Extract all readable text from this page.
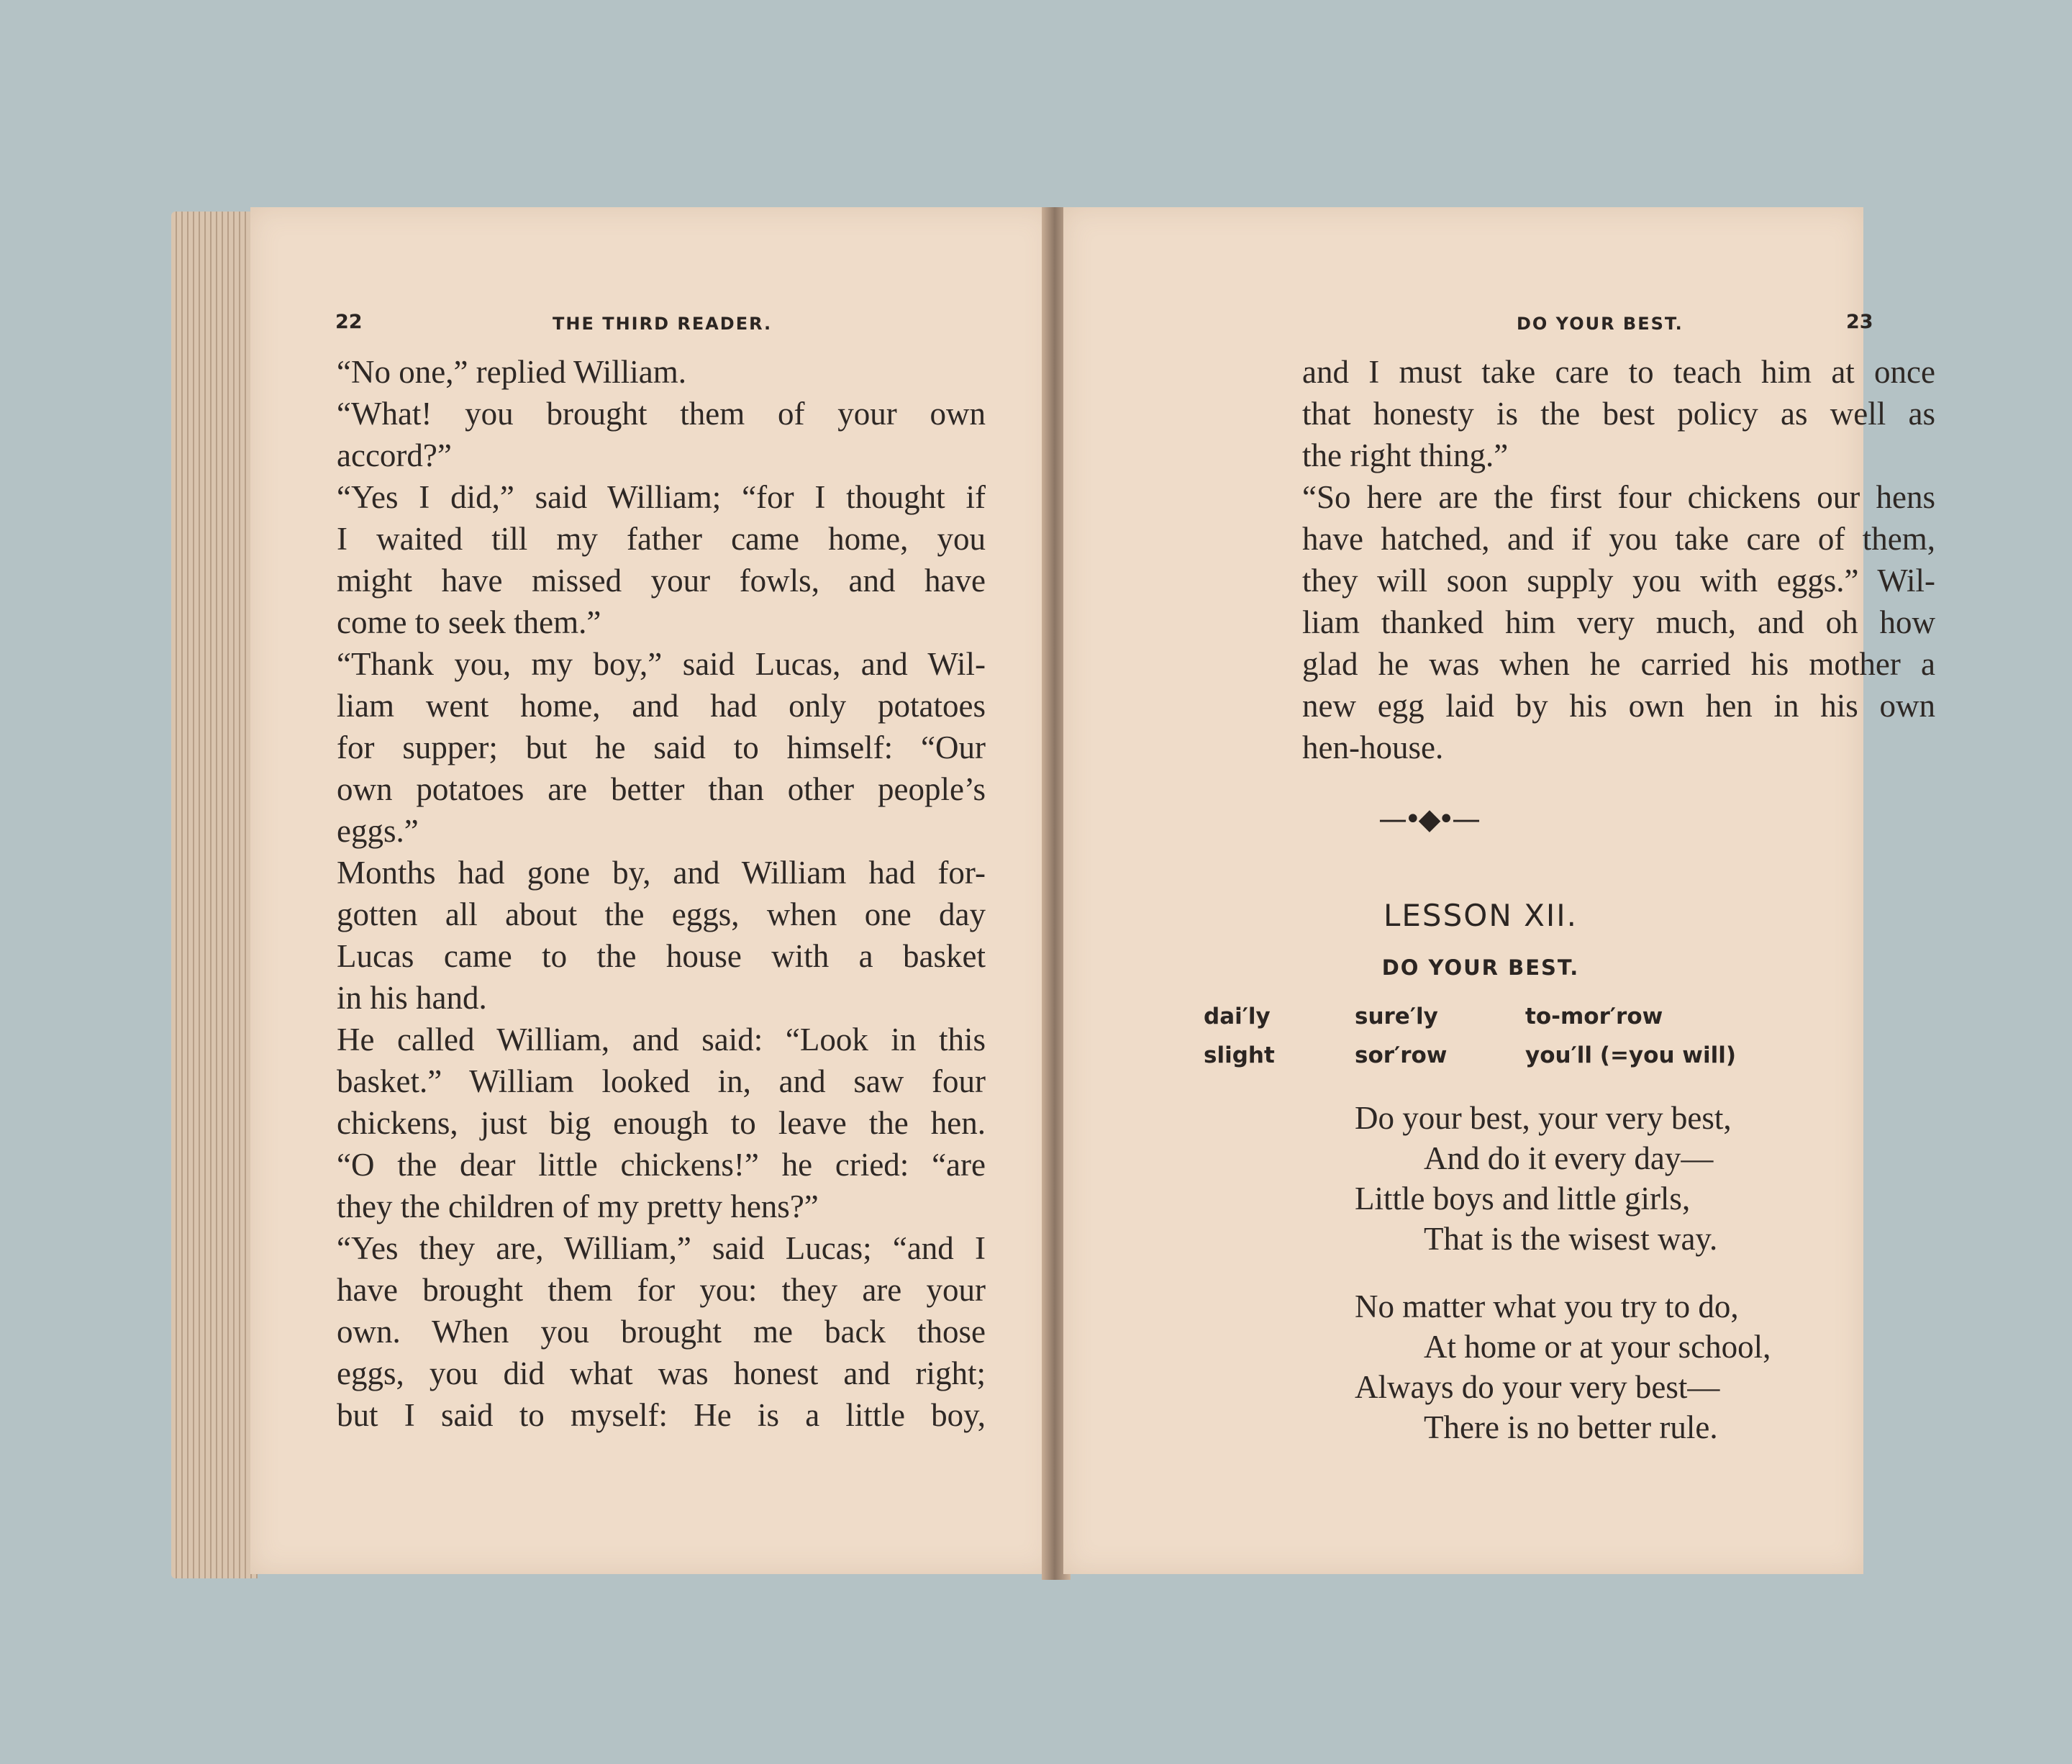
22	THE THIRD READER.

“No one,” replied William.

“What! you brought them of your own
accord?”

“Yes I did,” said William; “for I thought if
I waited till my father came home, you
might have missed your fowls, and have
come to seek them.”

“Thank you, my boy,” said Lucas, and Wil-
liam went home, and had only potatoes
for supper; but he said to himself: “Our
own potatoes are better than other people’s
eggs.”

Months had gone by, and William had for-
gotten all about the eggs, when one day
Lucas came to the house with a basket
in his hand.

He called William, and said: “Look in this
basket.” William looked in, and saw four
chickens, just big enough to leave the hen.
“O the dear little chickens!” he cried: “are
they the children of my pretty hens?”

“Yes they are, William,” said Lucas; “and I
have brought them for you: they are your
own. When you brought me back those
eggs, you did what was honest and right;
but I said to myself: He is a little boy,

DO YOUR BEST.	23

and I must take care to teach him at once
that honesty is the best policy as well as
the right thing.”

“So here are the first four chickens our hens
have hatched, and if you take care of them,
they will soon supply you with eggs.” Wil-
liam thanked him very much, and oh how
glad he was when he carried his mother a
new egg laid by his own hen in his own
hen-house.

—•◆•—
LESSON XII.
DO YOUR BEST.
dai′ly
slight
sure′ly
sor′row
to-mor′row
you′ll (=you will)
Do your best, your very best,
And do it every day—
Little boys and little girls,
That is the wisest way.
No matter what you try to do,
At home or at your school,
Always do your very best—
There is no better rule.
